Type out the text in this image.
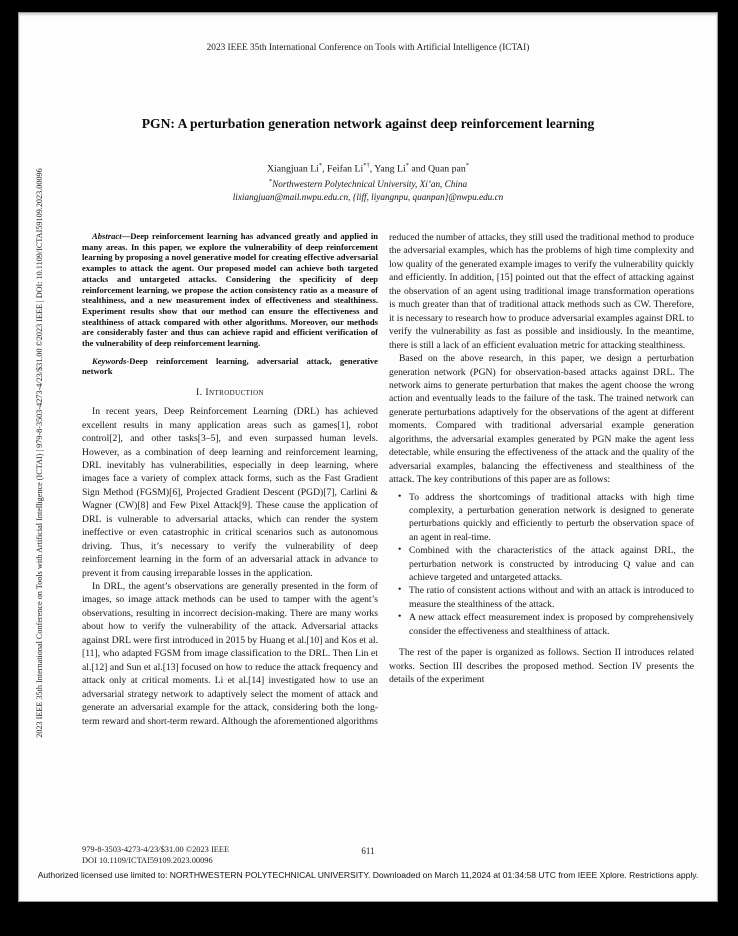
2023 IEEE 35th International Conference on Tools with Artificial Intelligence (ICTAI)
2023 IEEE 35th International Conference on Tools with Artificial Intelligence (ICTAI) | 979-8-3503-4273-4/23/$31.00 ©2023 IEEE | DOI: 10.1109/ICTAI59109.2023.00096
PGN: A perturbation generation network against deep reinforcement learning
Xiangjuan Li*, Feifan Li*†, Yang Li* and Quan pan*
*Northwestern Polytechnical University, Xi’an, China
lixiangjuan@mail.nwpu.edu.cn, {liff, liyangnpu, quanpan}@nwpu.edu.cn

Abstract—Deep reinforcement learning has advanced greatly and applied in many areas. In this paper, we explore the vulnerability of deep reinforcement learning by proposing a novel generative model for creating effective adversarial examples to attack the agent. Our proposed model can achieve both targeted attacks and untargeted attacks. Considering the specificity of deep reinforcement learning, we propose the action consistency ratio as a measure of stealthiness, and a new measurement index of effectiveness and stealthiness. Experiment results show that our method can ensure the effectiveness and stealthiness of attack compared with other algorithms. Moreover, our methods are considerably faster and thus can achieve rapid and efficient verification of the vulnerability of deep reinforcement learning.

Keywords-Deep reinforcement learning, adversarial attack, generative network

I. Introduction

In recent years, Deep Reinforcement Learning (DRL) has achieved excellent results in many application areas such as games[1], robot control[2], and other tasks[3–5], and even surpassed human levels. However, as a combination of deep learning and reinforcement learning, DRL inevitably has vulnerabilities, especially in deep learning, where images face a variety of complex attack forms, such as the Fast Gradient Sign Method (FGSM)[6], Projected Gradient Descent (PGD)[7], Carlini & Wagner (CW)[8] and Few Pixel Attack[9]. These cause the application of DRL is vulnerable to adversarial attacks, which can render the system ineffective or even catastrophic in critical scenarios such as autonomous driving. Thus, it’s necessary to verify the vulnerability of deep reinforcement learning in the form of an adversarial attack in advance to prevent it from causing irreparable losses in the application.

In DRL, the agent’s observations are generally presented in the form of images, so image attack methods can be used to tamper with the agent’s observations, resulting in incorrect decision-making. There are many works about how to verify the vulnerability of the attack. Adversarial attacks against DRL were first introduced in 2015 by Huang et al.[10] and Kos et al.[11], who adapted FGSM from image classification to the DRL. Then Lin et al.[12] and Sun et al.[13] focused on how to reduce the attack frequency and attack only at critical moments. Li et al.[14] investigated how to use an adversarial strategy network to adaptively select the moment of attack and generate an adversarial example for the attack, considering both the long-term reward and short-term reward. Although the aforementioned algorithms

reduced the number of attacks, they still used the traditional method to produce the adversarial examples, which has the problems of high time complexity and low quality of the generated example images to verify the vulnerability quickly and efficiently. In addition, [15] pointed out that the effect of attacking against the observation of an agent using traditional image transformation operations is much greater than that of traditional attack methods such as CW. Therefore, it is necessary to research how to produce adversarial examples against DRL to verify the vulnerability as fast as possible and insidiously. In the meantime, there is still a lack of an efficient evaluation metric for attacking stealthiness.

Based on the above research, in this paper, we design a perturbation generation network (PGN) for observation-based attacks against DRL. The network aims to generate perturbation that makes the agent choose the wrong action and eventually leads to the failure of the task. The trained network can generate perturbations adaptively for the observations of the agent at different moments. Compared with traditional adversarial example generation algorithms, the adversarial examples generated by PGN make the agent less detectable, while ensuring the effectiveness of the attack and the quality of the adversarial examples, balancing the effectiveness and stealthiness of the attack. The key contributions of this paper are as follows:

• To address the shortcomings of traditional attacks with high time complexity, a perturbation generation network is designed to generate perturbations quickly and efficiently to perturb the observation space of an agent in real-time.
• Combined with the characteristics of the attack against DRL, the perturbation network is constructed by introducing Q value and can achieve targeted and untargeted attacks.
• The ratio of consistent actions without and with an attack is introduced to measure the stealthiness of the attack.
• A new attack effect measurement index is proposed by comprehensively consider the effectiveness and stealthiness of attack.

The rest of the paper is organized as follows. Section II introduces related works. Section III describes the proposed method. Section IV presents the details of the experiment

979-8-3503-4273-4/23/$31.00 ©2023 IEEE
DOI 10.1109/ICTAI59109.2023.00096
611
Authorized licensed use limited to: NORTHWESTERN POLYTECHNICAL UNIVERSITY. Downloaded on March 11,2024 at 01:34:58 UTC from IEEE Xplore. Restrictions apply.
